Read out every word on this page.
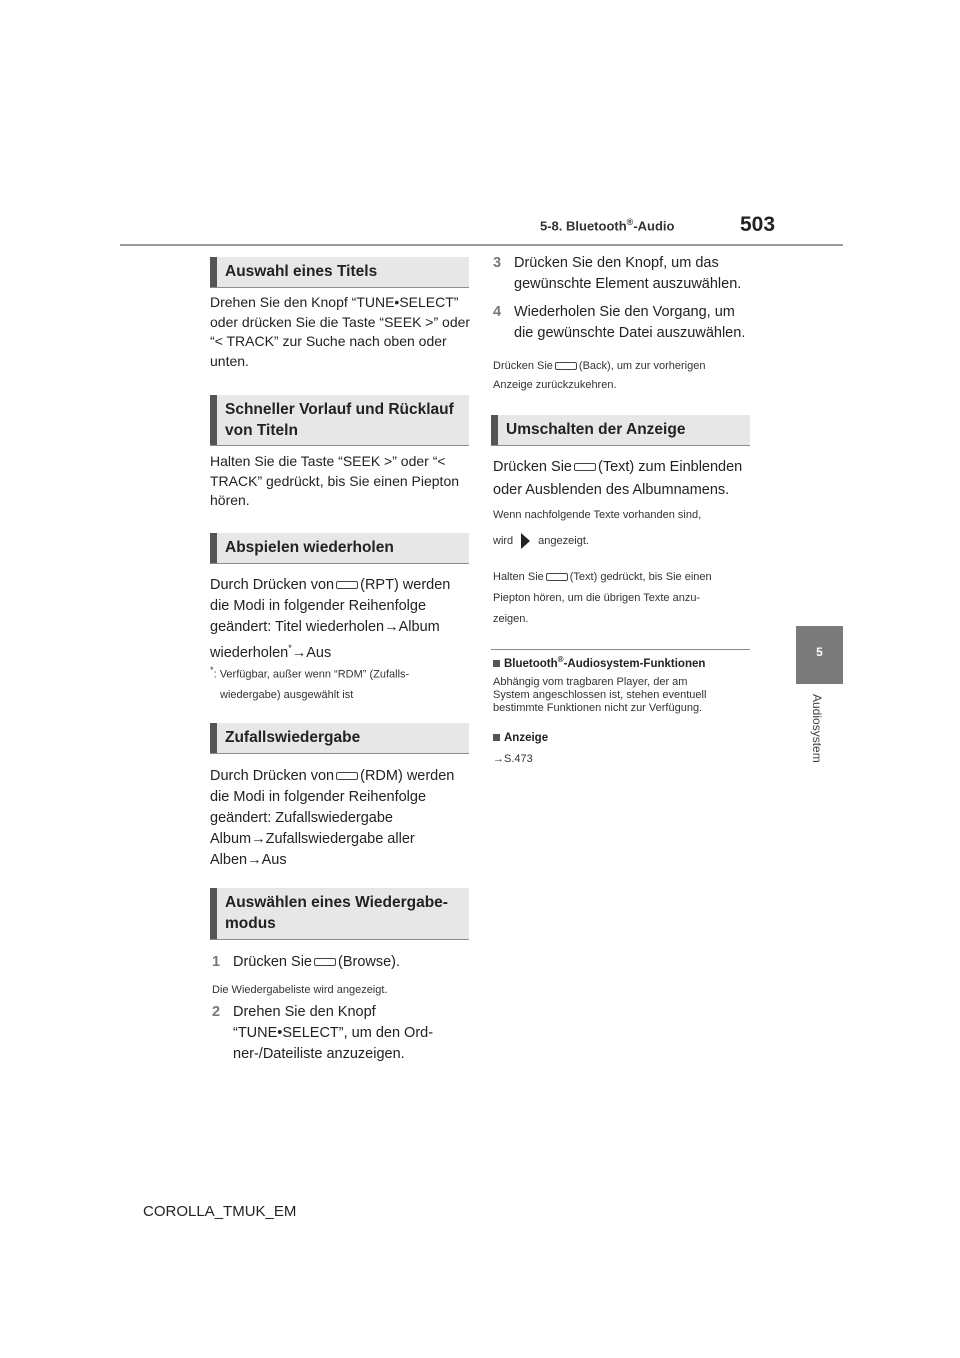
5-8. Bluetooth®-Audio	503
5
Audiosystem
Auswahl eines Titels
Drehen Sie den Knopf “TUNE•SELECT” oder drücken Sie die Taste “SEEK >” oder “< TRACK” zur Suche nach oben oder unten.
Schneller Vorlauf und Rücklauf von Titeln
Halten Sie die Taste “SEEK >” oder “< TRACK” gedrückt, bis Sie einen Piepton hören.
Abspielen wiederholen
Durch Drücken von (RPT) werden
die Modi in folgender Reihenfolge
geändert: Titel wiederholen→Album
wiederholen*→Aus
*: Verfügbar, außer wenn “RDM” (Zufalls-
wiedergabe) ausgewählt ist
Zufallswiedergabe
Durch Drücken von (RDM) werden
die Modi in folgender Reihenfolge
geändert: Zufallswiedergabe
Album→Zufallswiedergabe aller
Alben→Aus
Auswählen eines Wiedergabe-
modus
1 Drücken Sie (Browse).
Die Wiedergabeliste wird angezeigt.
2 Drehen Sie den Knopf
“TUNE•SELECT”, um den Ord-
ner-/Dateiliste anzuzeigen.
3 Drücken Sie den Knopf, um das
gewünschte Element auszuwählen.
4 Wiederholen Sie den Vorgang, um
die gewünschte Datei auszuwählen.
Drücken Sie (Back), um zur vorherigen
Anzeige zurückzukehren.
Umschalten der Anzeige
Drücken Sie (Text) zum Einblenden
oder Ausblenden des Albumnamens.
Wenn nachfolgende Texte vorhanden sind,
wird angezeigt.
Halten Sie (Text) gedrückt, bis Sie einen
Piepton hören, um die übrigen Texte anzu-
zeigen.
Bluetooth®-Audiosystem-Funktionen
Abhängig vom tragbaren Player, der am
System angeschlossen ist, stehen eventuell
bestimmte Funktionen nicht zur Verfügung.
Anzeige
→S.473
COROLLA_TMUK_EM
